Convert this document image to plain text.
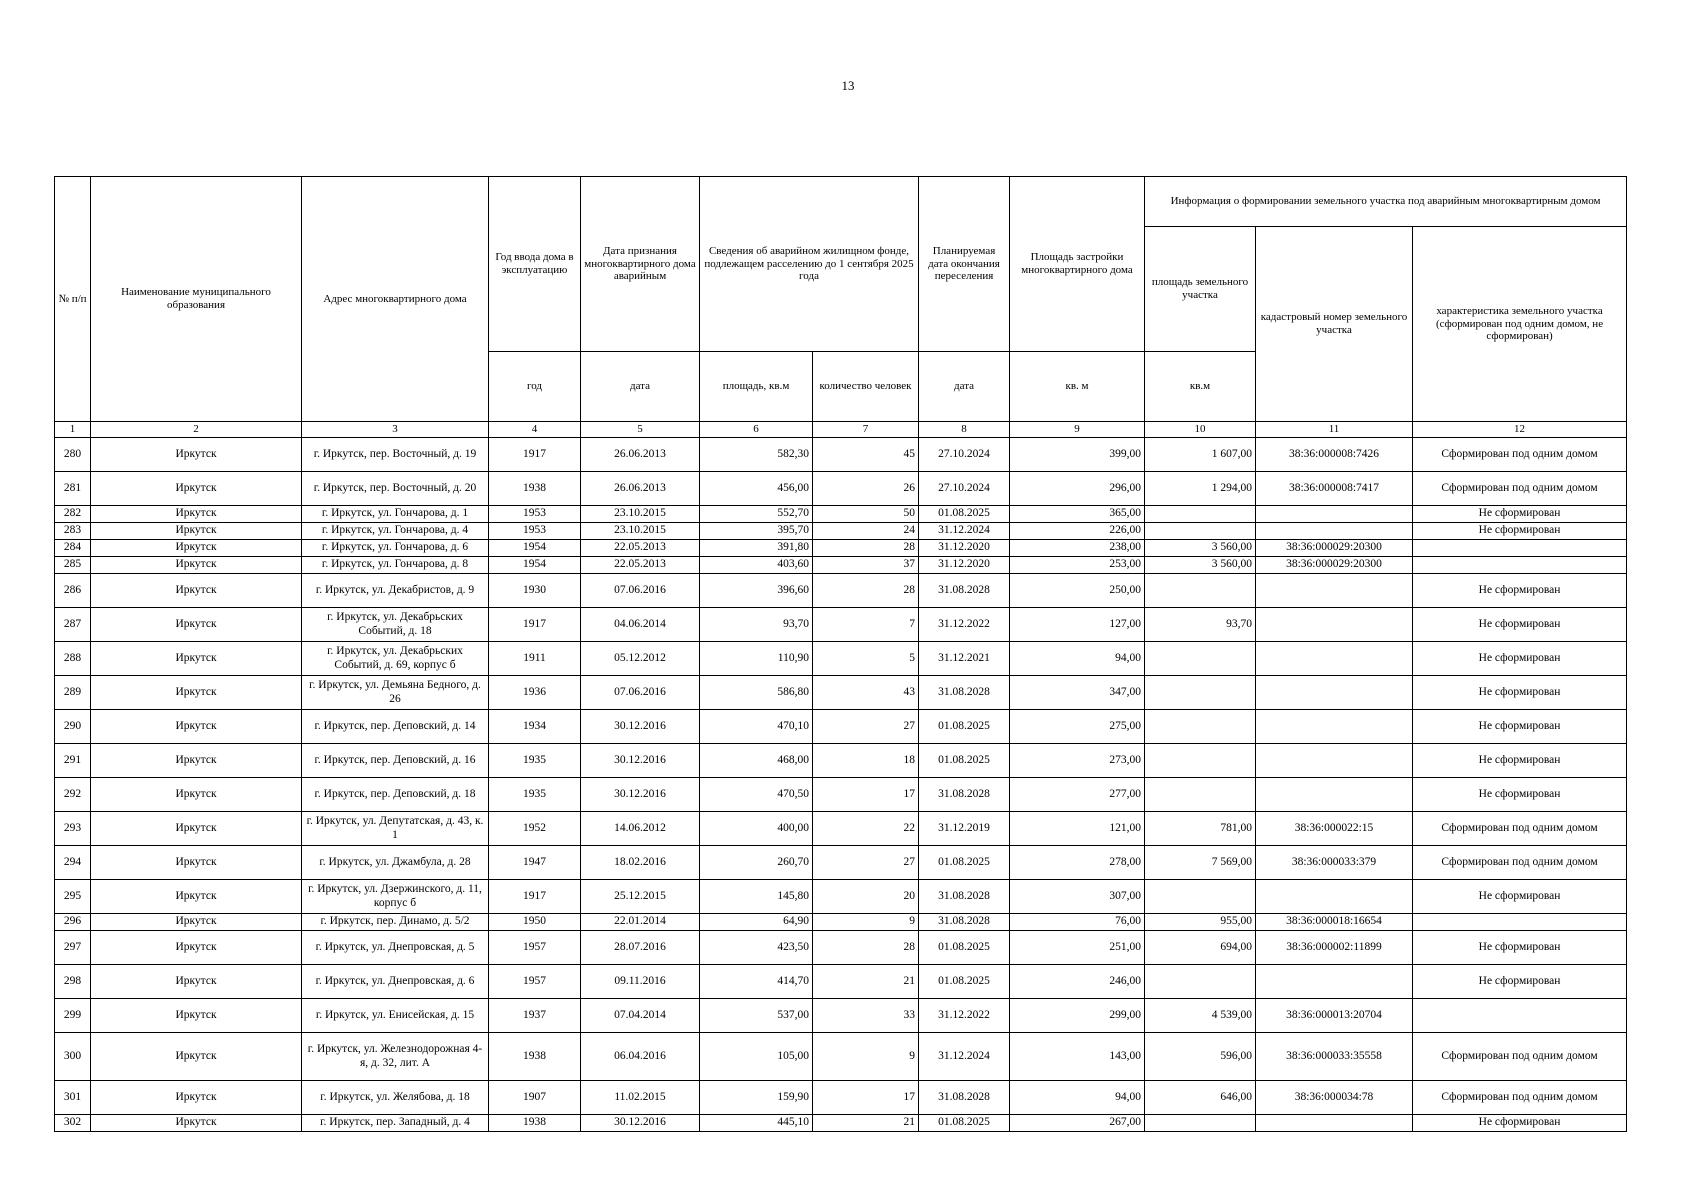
13
№ п/п	Наименование муниципального образования	Адрес многоквартирного дома	Год ввода дома в эксплуатацию	Дата признания многоквартирного дома аварийным	Сведения об аварийном жилищном фонде, подлежащем расселению до 1 сентября 2025 года		Планируемая дата окончания переселения	Площадь застройки многоквартирного дома	Информация о формировании земельного участка под аварийным многоквартирным домом		
									площадь земельного участка	кадастровый номер земельного участка	характеристика земельного участка (сформирован под одним домом, не сформирован)
			год	дата	площадь, кв.м	количество человек	дата	кв. м	кв.м		
1	2	3	4	5	6	7	8	9	10	11	12
280	Иркутск	г. Иркутск, пер. Восточный, д. 19	1917	26.06.2013	582,30	45	27.10.2024	399,00	1 607,00	38:36:000008:7426	Сформирован под одним домом
281	Иркутск	г. Иркутск, пер. Восточный, д. 20	1938	26.06.2013	456,00	26	27.10.2024	296,00	1 294,00	38:36:000008:7417	Сформирован под одним домом
282	Иркутск	г. Иркутск, ул. Гончарова, д. 1	1953	23.10.2015	552,70	50	01.08.2025	365,00			Не сформирован
283	Иркутск	г. Иркутск, ул. Гончарова, д. 4	1953	23.10.2015	395,70	24	31.12.2024	226,00			Не сформирован
284	Иркутск	г. Иркутск, ул. Гончарова, д. 6	1954	22.05.2013	391,80	28	31.12.2020	238,00	3 560,00	38:36:000029:20300	
285	Иркутск	г. Иркутск, ул. Гончарова, д. 8	1954	22.05.2013	403,60	37	31.12.2020	253,00	3 560,00	38:36:000029:20300	
286	Иркутск	г. Иркутск, ул. Декабристов, д. 9	1930	07.06.2016	396,60	28	31.08.2028	250,00			Не сформирован
287	Иркутск	г. Иркутск, ул. Декабрьских Событий, д. 18	1917	04.06.2014	93,70	7	31.12.2022	127,00	93,70		Не сформирован
288	Иркутск	г. Иркутск, ул. Декабрьских Событий, д. 69, корпус б	1911	05.12.2012	110,90	5	31.12.2021	94,00			Не сформирован
289	Иркутск	г. Иркутск, ул. Демьяна Бедного, д. 26	1936	07.06.2016	586,80	43	31.08.2028	347,00			Не сформирован
290	Иркутск	г. Иркутск, пер. Деповский, д. 14	1934	30.12.2016	470,10	27	01.08.2025	275,00			Не сформирован
291	Иркутск	г. Иркутск, пер. Деповский, д. 16	1935	30.12.2016	468,00	18	01.08.2025	273,00			Не сформирован
292	Иркутск	г. Иркутск, пер. Деповский, д. 18	1935	30.12.2016	470,50	17	31.08.2028	277,00			Не сформирован
293	Иркутск	г. Иркутск, ул. Депутатская, д. 43, к. 1	1952	14.06.2012	400,00	22	31.12.2019	121,00	781,00	38:36:000022:15	Сформирован под одним домом
294	Иркутск	г. Иркутск, ул. Джамбула, д. 28	1947	18.02.2016	260,70	27	01.08.2025	278,00	7 569,00	38:36:000033:379	Сформирован под одним домом
295	Иркутск	г. Иркутск, ул. Дзержинского, д. 11, корпус б	1917	25.12.2015	145,80	20	31.08.2028	307,00			Не сформирован
296	Иркутск	г. Иркутск, пер. Динамо, д. 5/2	1950	22.01.2014	64,90	9	31.08.2028	76,00	955,00	38:36:000018:16654	
297	Иркутск	г. Иркутск, ул. Днепровская, д. 5	1957	28.07.2016	423,50	28	01.08.2025	251,00	694,00	38:36:000002:11899	Не сформирован
298	Иркутск	г. Иркутск, ул. Днепровская, д. 6	1957	09.11.2016	414,70	21	01.08.2025	246,00			Не сформирован
299	Иркутск	г. Иркутск, ул. Енисейская, д. 15	1937	07.04.2014	537,00	33	31.12.2022	299,00	4 539,00	38:36:000013:20704	
300	Иркутск	г. Иркутск, ул. Железнодорожная 4-я, д. 32, лит. А	1938	06.04.2016	105,00	9	31.12.2024	143,00	596,00	38:36:000033:35558	Сформирован под одним домом
301	Иркутск	г. Иркутск, ул. Желябова, д. 18	1907	11.02.2015	159,90	17	31.08.2028	94,00	646,00	38:36:000034:78	Сформирован под одним домом
302	Иркутск	г. Иркутск, пер. Западный, д. 4	1938	30.12.2016	445,10	21	01.08.2025	267,00			Не сформирован
